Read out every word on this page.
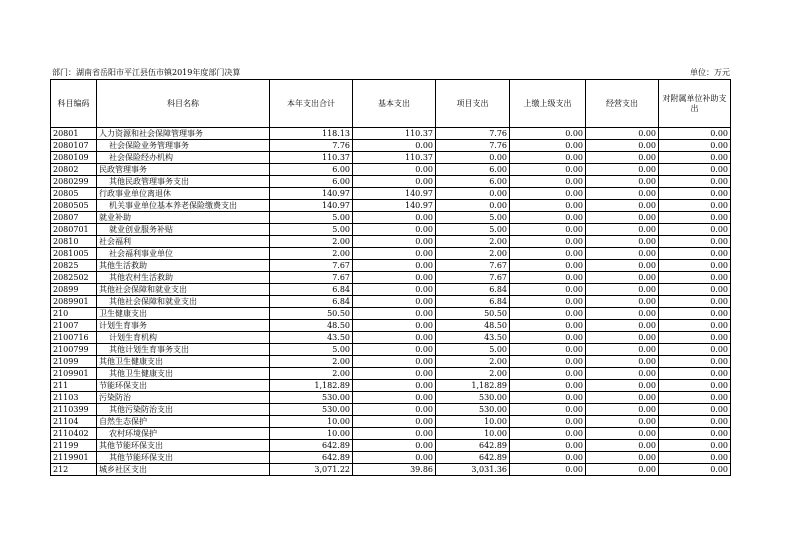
部门：湖南省岳阳市平江县伍市镇2019年度部门决算	单位：万元
科目编码	科目名称	本年支出合计	基本支出	项目支出	上缴上级支出	经营支出	对附属单位补助支出
20801	人力资源和社会保障管理事务	118.13	110.37	7.76	0.00	0.00	0.00
2080107	社会保险业务管理事务	7.76	0.00	7.76	0.00	0.00	0.00
2080109	社会保险经办机构	110.37	110.37	0.00	0.00	0.00	0.00
20802	民政管理事务	6.00	0.00	6.00	0.00	0.00	0.00
2080299	其他民政管理事务支出	6.00	0.00	6.00	0.00	0.00	0.00
20805	行政事业单位离退休	140.97	140.97	0.00	0.00	0.00	0.00
2080505	机关事业单位基本养老保险缴费支出	140.97	140.97	0.00	0.00	0.00	0.00
20807	就业补助	5.00	0.00	5.00	0.00	0.00	0.00
2080701	就业创业服务补贴	5.00	0.00	5.00	0.00	0.00	0.00
20810	社会福利	2.00	0.00	2.00	0.00	0.00	0.00
2081005	社会福利事业单位	2.00	0.00	2.00	0.00	0.00	0.00
20825	其他生活救助	7.67	0.00	7.67	0.00	0.00	0.00
2082502	其他农村生活救助	7.67	0.00	7.67	0.00	0.00	0.00
20899	其他社会保障和就业支出	6.84	0.00	6.84	0.00	0.00	0.00
2089901	其他社会保障和就业支出	6.84	0.00	6.84	0.00	0.00	0.00
210	卫生健康支出	50.50	0.00	50.50	0.00	0.00	0.00
21007	计划生育事务	48.50	0.00	48.50	0.00	0.00	0.00
2100716	计划生育机构	43.50	0.00	43.50	0.00	0.00	0.00
2100799	其他计划生育事务支出	5.00	0.00	5.00	0.00	0.00	0.00
21099	其他卫生健康支出	2.00	0.00	2.00	0.00	0.00	0.00
2109901	其他卫生健康支出	2.00	0.00	2.00	0.00	0.00	0.00
211	节能环保支出	1,182.89	0.00	1,182.89	0.00	0.00	0.00
21103	污染防治	530.00	0.00	530.00	0.00	0.00	0.00
2110399	其他污染防治支出	530.00	0.00	530.00	0.00	0.00	0.00
21104	自然生态保护	10.00	0.00	10.00	0.00	0.00	0.00
2110402	农村环境保护	10.00	0.00	10.00	0.00	0.00	0.00
21199	其他节能环保支出	642.89	0.00	642.89	0.00	0.00	0.00
2119901	其他节能环保支出	642.89	0.00	642.89	0.00	0.00	0.00
212	城乡社区支出	3,071.22	39.86	3,031.36	0.00	0.00	0.00
